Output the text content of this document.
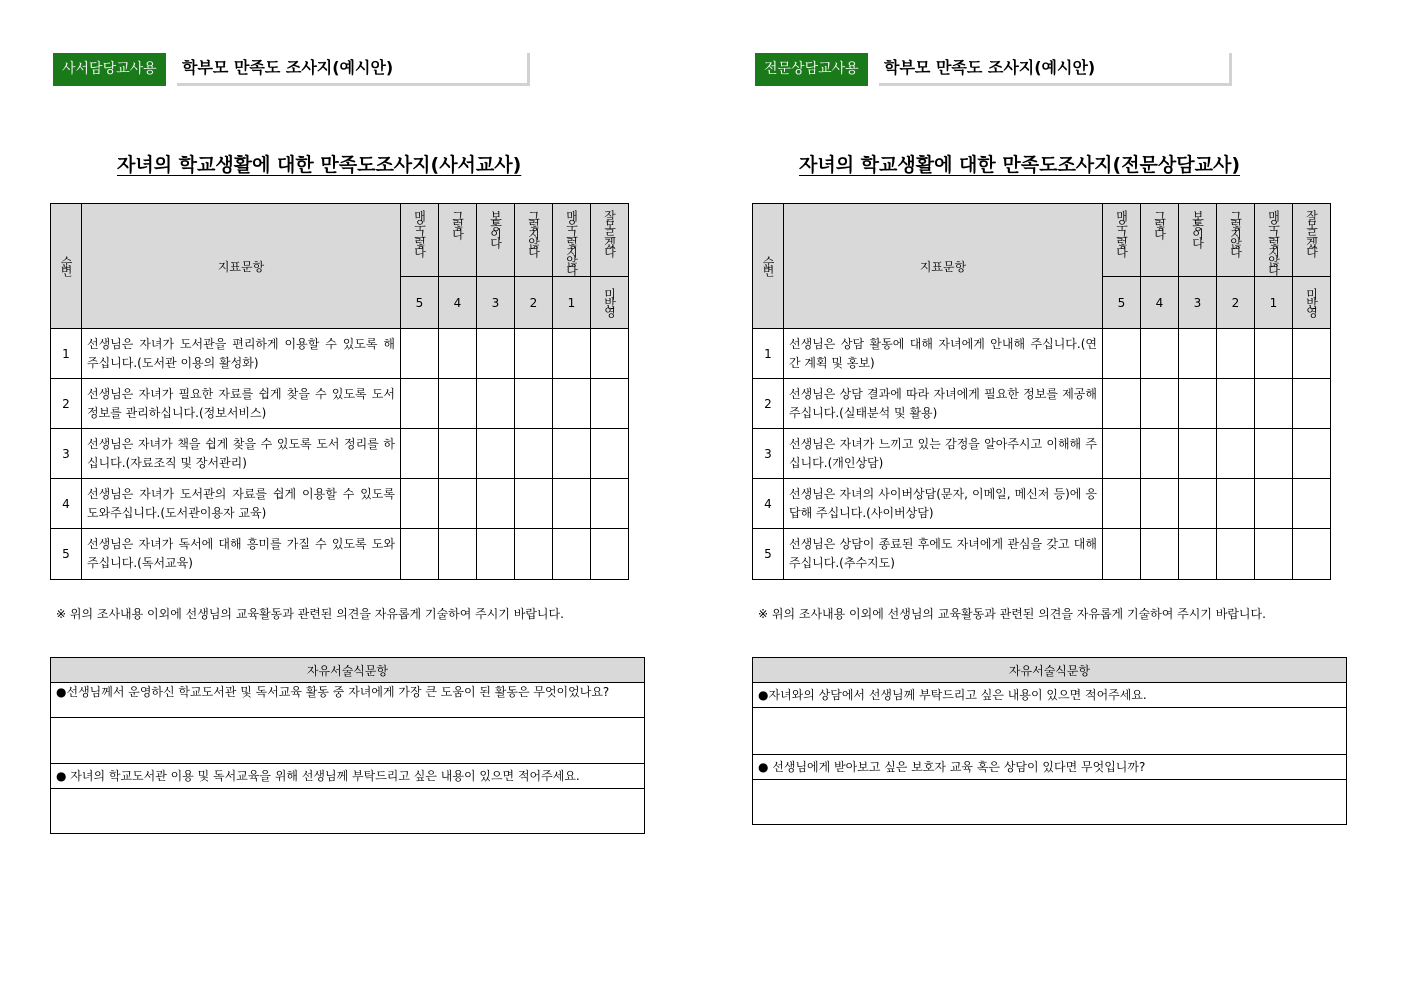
사서담당교사용	학부모 만족도 조사지(예시안)
자녀의 학교생활에 대한 만족도조사지(사서교사)
순번	지표문항	매우그렇다	그렇다	보통이다	그렇지않다	매우그렇지않다	잘모르겠다
		5	4	3	2	1	미반영
1	선생님은 자녀가 도서관을 편리하게 이용할 수 있도록 해 주십니다.(도서관 이용의 활성화)						
2	선생님은 자녀가 필요한 자료를 쉽게 찾을 수 있도록 도서 정보를 관리하십니다.(정보서비스)						
3	선생님은 자녀가 책을 쉽게 찾을 수 있도록 도서 정리를 하십니다.(자료조직 및 장서관리)						
4	선생님은 자녀가 도서관의 자료를 쉽게 이용할 수 있도록 도와주십니다.(도서관이용자 교육)						
5	선생님은 자녀가 독서에 대해 흥미를 가질 수 있도록 도와주십니다.(독서교육)						
※ 위의 조사내용 이외에 선생님의 교육활동과 관련된 의견을 자유롭게 기술하여 주시기 바랍니다.
자유서술식문항
●선생님께서 운영하신 학교도서관 및 독서교육 활동 중 자녀에게 가장 큰 도움이 된 활동은 무엇이었나요?

● 자녀의 학교도서관 이용 및 독서교육을 위해 선생님께 부탁드리고 싶은 내용이 있으면 적어주세요.

전문상담교사용	학부모 만족도 조사지(예시안)
자녀의 학교생활에 대한 만족도조사지(전문상담교사)
순번	지표문항	매우그렇다	그렇다	보통이다	그렇지않다	매우그렇지않다	잘모르겠다
		5	4	3	2	1	미반영
1	선생님은 상담 활동에 대해 자녀에게 안내해 주십니다.(연간 계획 및 홍보)						
2	선생님은 상담 결과에 따라 자녀에게 필요한 정보를 제공해 주십니다.(실태분석 및 활용)						
3	선생님은 자녀가 느끼고 있는 감정을 알아주시고 이해해 주십니다.(개인상담)						
4	선생님은 자녀의 사이버상담(문자, 이메일, 메신저 등)에 응답해 주십니다.(사이버상담)						
5	선생님은 상담이 종료된 후에도 자녀에게 관심을 갖고 대해 주십니다.(추수지도)						
※ 위의 조사내용 이외에 선생님의 교육활동과 관련된 의견을 자유롭게 기술하여 주시기 바랍니다.
자유서술식문항
●자녀와의 상담에서 선생님께 부탁드리고 싶은 내용이 있으면 적어주세요.

● 선생님에게 받아보고 싶은 보호자 교육 혹은 상담이 있다면 무엇입니까?
